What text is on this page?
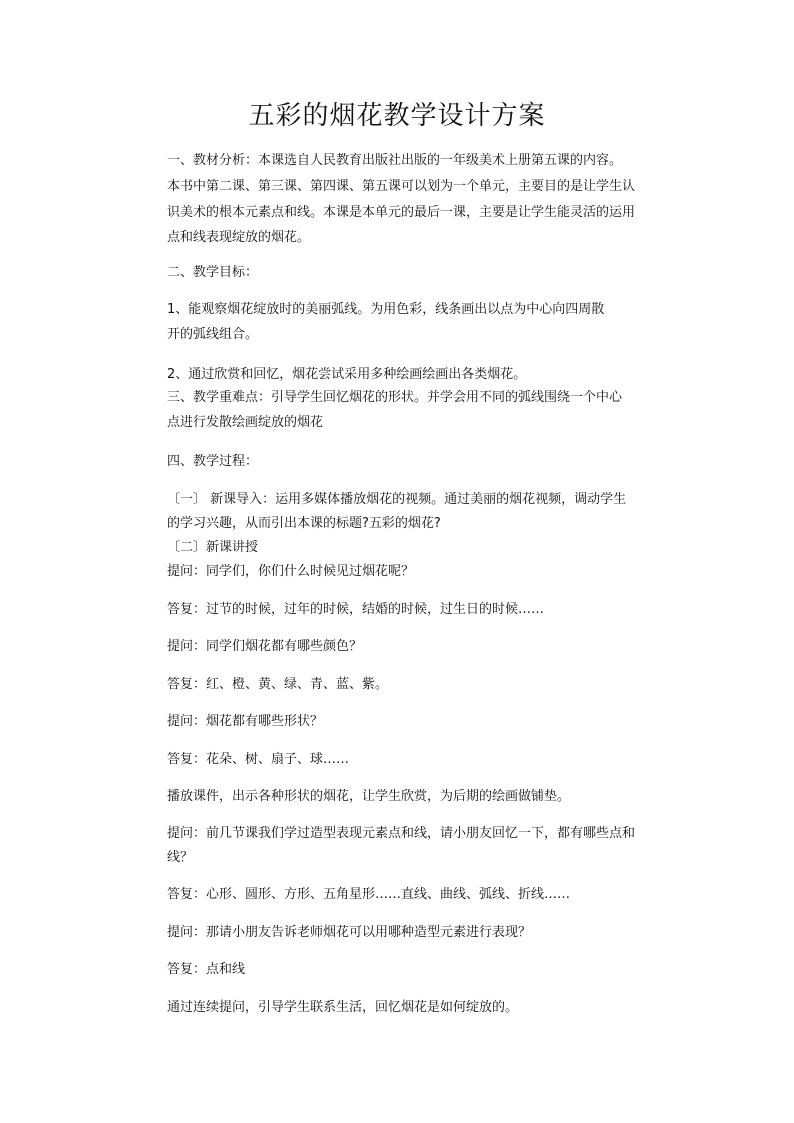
五彩的烟花教学设计方案
一、教材分析：本课选自人民教育出版社出版的一年级美术上册第五课的内容。
本书中第二课、第三课、第四课、第五课可以划为一个单元，主要目的是让学生认
识美术的根本元素点和线。本课是本单元的最后一课，主要是让学生能灵活的运用
点和线表现绽放的烟花。
二、教学目标：
1、能观察烟花绽放时的美丽弧线。为用色彩，线条画出以点为中心向四周散
开的弧线组合。
2、通过欣赏和回忆，烟花尝试采用多种绘画绘画出各类烟花。
三、教学重难点：引导学生回忆烟花的形状。并学会用不同的弧线围绕一个中心
点进行发散绘画绽放的烟花
四、教学过程：
〔一〕 新课导入：运用多媒体播放烟花的视频。通过美丽的烟花视频，调动学生
的学习兴趣，从而引出本课的标题?五彩的烟花?
〔二〕新课讲授
提问：同学们，你们什么时候见过烟花呢？
答复：过节的时候，过年的时候，结婚的时候，过生日的时候……
提问：同学们烟花都有哪些颜色？
答复：红、橙、黄、绿、青、蓝、紫。
提问：烟花都有哪些形状？
答复：花朵、树、扇子、球……
播放课件，出示各种形状的烟花，让学生欣赏，为后期的绘画做铺垫。
提问：前几节课我们学过造型表现元素点和线，请小朋友回忆一下，都有哪些点和
线？
答复：心形、圆形、方形、五角星形……直线、曲线、弧线、折线……
提问：那请小朋友告诉老师烟花可以用哪种造型元素进行表现？
答复：点和线
通过连续提问，引导学生联系生活，回忆烟花是如何绽放的。
